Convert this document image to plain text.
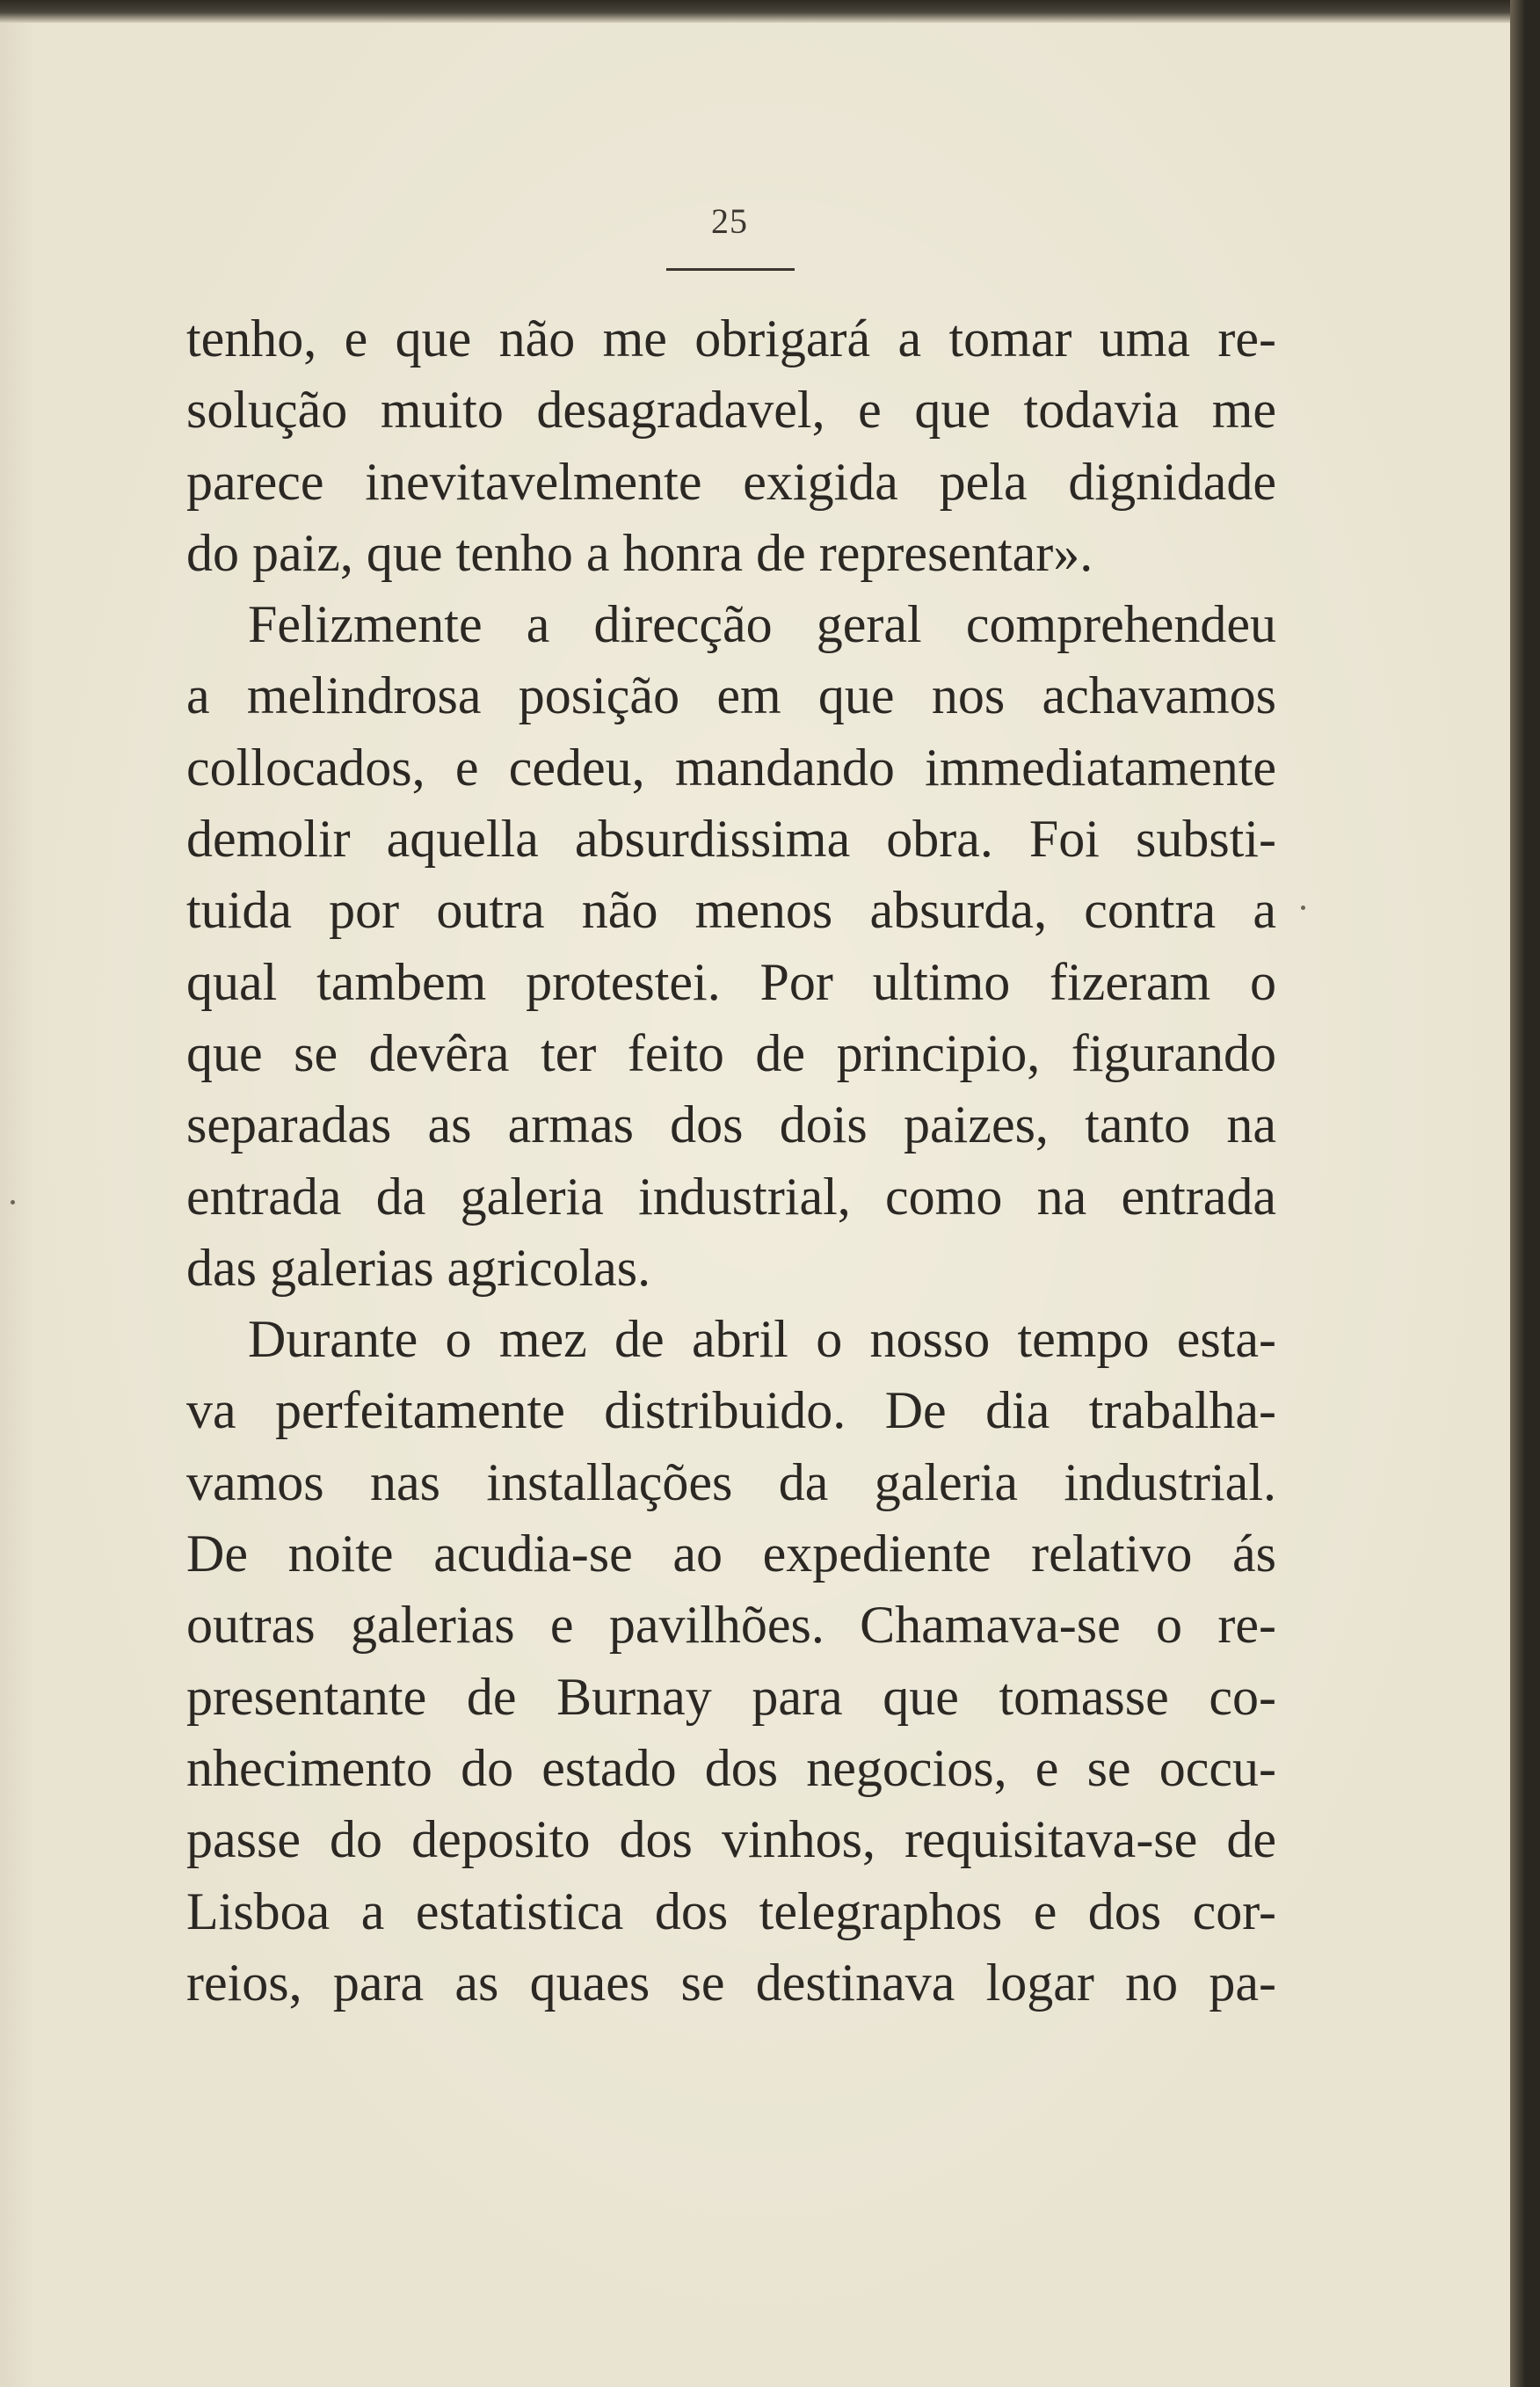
25
tenho, e que não me obrigará a tomar uma re-
solução muito desagradavel, e que todavia me
parece inevitavelmente exigida pela dignidade
do paiz, que tenho a honra de representar».
Felizmente a direcção geral comprehendeu
a melindrosa posição em que nos achavamos
collocados, e cedeu, mandando immediatamente
demolir aquella absurdissima obra. Foi substi-
tuida por outra não menos absurda, contra a
qual tambem protestei. Por ultimo fizeram o
que se devêra ter feito de principio, figurando
separadas as armas dos dois paizes, tanto na
entrada da galeria industrial, como na entrada
das galerias agricolas.
Durante o mez de abril o nosso tempo esta-
va perfeitamente distribuido. De dia trabalha-
vamos nas installações da galeria industrial.
De noite acudia-se ao expediente relativo ás
outras galerias e pavilhões. Chamava-se o re-
presentante de Burnay para que tomasse co-
nhecimento do estado dos negocios, e se occu-
passe do deposito dos vinhos, requisitava-se de
Lisboa a estatistica dos telegraphos e dos cor-
reios, para as quaes se destinava logar no pa-
